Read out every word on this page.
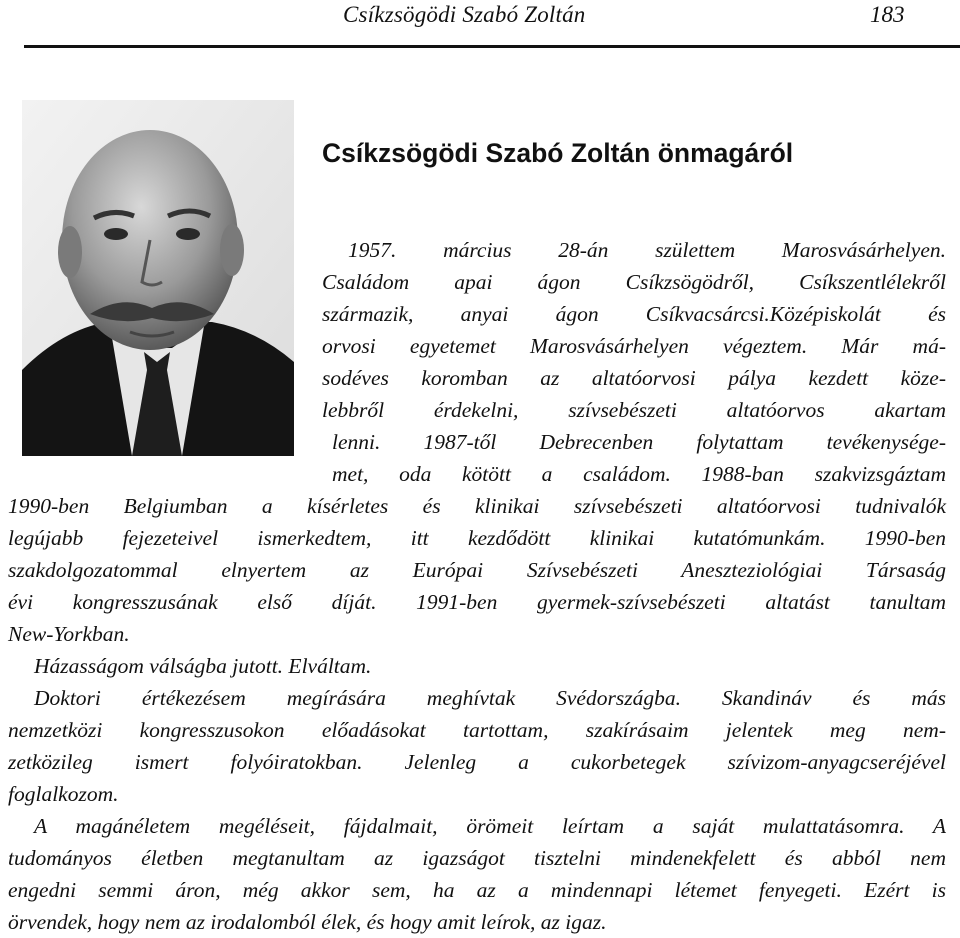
Csíkzsögödi Szabó Zoltán	183
Csíkzsögödi Szabó Zoltán önmagáról
1957. március 28-án születtem Marosvásárhelyen.
Családom apai ágon Csíkzsögödről, Csíkszentlélekről
származik, anyai ágon Csíkvacsárcsi.Középiskolát és
orvosi egyetemet Marosvásárhelyen végeztem. Már má-
sodéves koromban az altatóorvosi pálya kezdett köze-
lebbről érdekelni, szívsebészeti altatóorvos akartam
lenni. 1987-től Debrecenben folytattam tevékenysége-
met, oda kötött a családom. 1988-ban szakvizsgáztam
1990-ben Belgiumban a kísérletes és klinikai szívsebészeti altatóorvosi tudnivalók
legújabb fejezeteivel ismerkedtem, itt kezdődött klinikai kutatómunkám. 1990-ben
szakdolgozatommal elnyertem az Európai Szívsebészeti Aneszteziológiai Társaság
évi kongresszusának első díját. 1991-ben gyermek-szívsebészeti altatást tanultam
New-Yorkban.
Házasságom válságba jutott. Elváltam.
Doktori értékezésem megírására meghívtak Svédországba. Skandináv és más
nemzetközi kongresszusokon előadásokat tartottam, szakírásaim jelentek meg nem-
zetközileg ismert folyóiratokban. Jelenleg a cukorbetegek szívizom-anyagcseréjével
foglalkozom.
A magánéletem megéléseit, fájdalmait, örömeit leírtam a saját mulattatásomra. A
tudományos életben megtanultam az igazságot tisztelni mindenekfelett és abból nem
engedni semmi áron, még akkor sem, ha az a mindennapi létemet fenyegeti. Ezért is
örvendek, hogy nem az irodalomból élek, és hogy amit leírok, az igaz.
